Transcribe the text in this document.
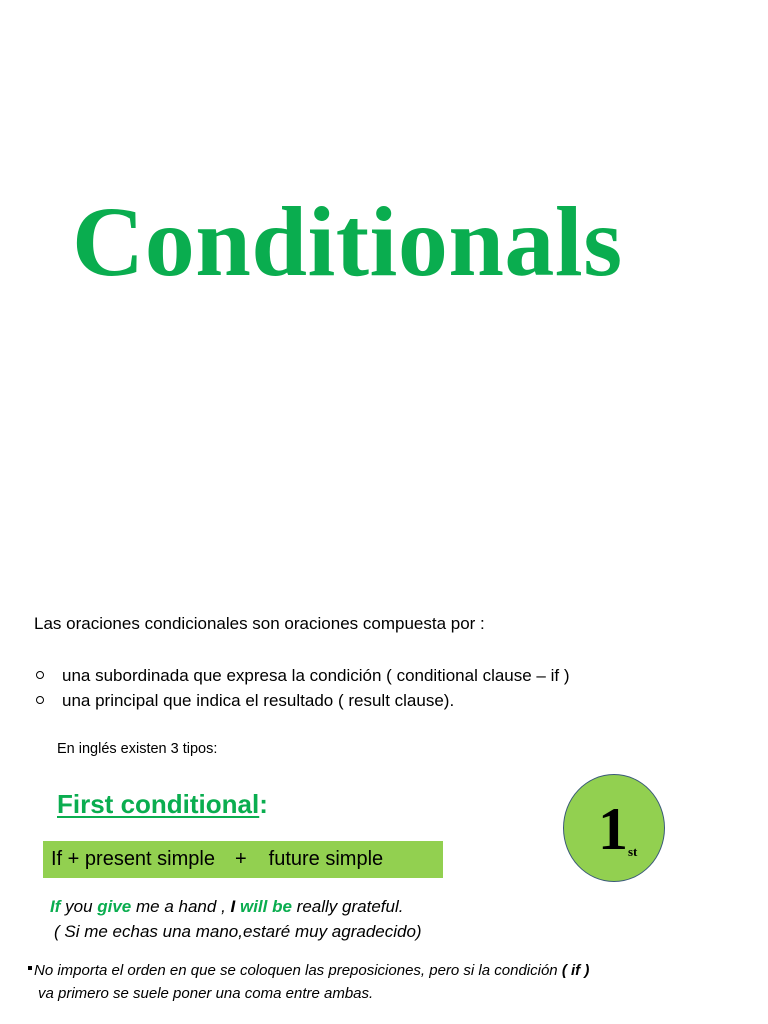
Conditionals
Las oraciones condicionales son oraciones compuesta por :
una subordinada que expresa la condición ( conditional clause – if )
una principal que indica el resultado ( result clause).
En inglés existen 3 tipos:
First conditional:
If + present simple + future simple	1 st
If you give me a hand , I will be really grateful.
( Si me echas una mano,estaré muy agradecido)
No importa el orden en que se coloquen las preposiciones, pero si la condición ( if )
va primero se suele poner una coma entre ambas.
